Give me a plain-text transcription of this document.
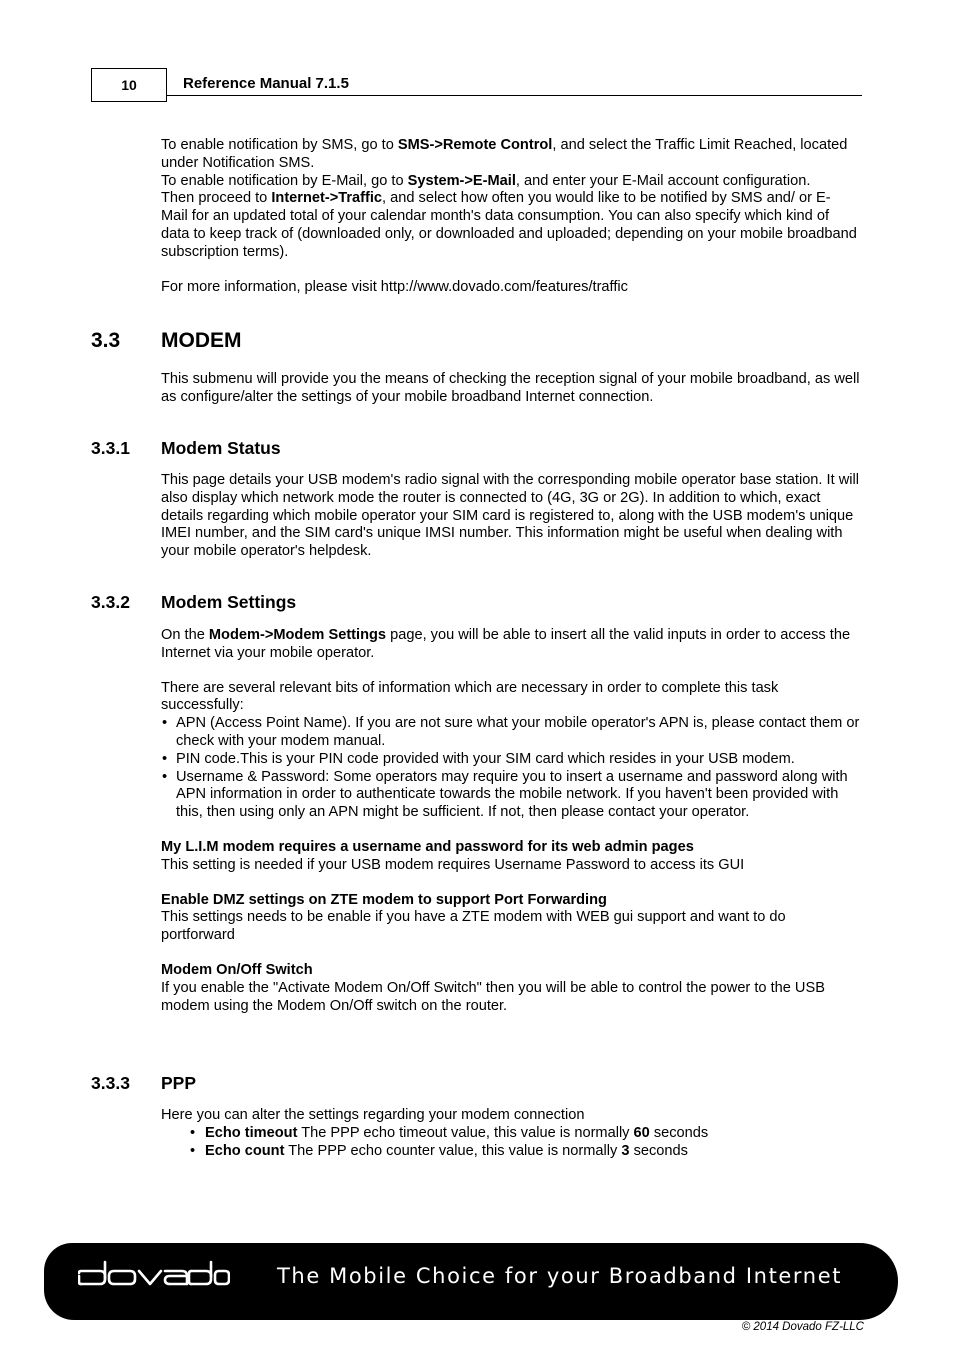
10	Reference Manual 7.1.5

To enable notification by SMS, go to SMS->Remote Control, and select the Traffic Limit Reached, located under Notification SMS.

To enable notification by E-Mail, go to System->E-Mail, and enter your E-Mail account configuration.

Then proceed to Internet->Traffic, and select how often you would like to be notified by SMS and/ or E- Mail for an updated total of your calendar month's data consumption. You can also specify which kind of data to keep track of (downloaded only, or downloaded and uploaded; depending on your mobile broadband subscription terms).

For more information, please visit http://www.dovado.com/features/traffic

3.3 MODEM

This submenu will provide you the means of checking the reception signal of your mobile broadband, as well as configure/alter the settings of your mobile broadband Internet connection.

3.3.1 Modem Status

This page details your USB modem's radio signal with the corresponding mobile operator base station. It will also display which network mode the router is connected to (4G, 3G or 2G). In addition to which, exact details regarding which mobile operator your SIM card is registered to, along with the USB modem's unique IMEI number, and the SIM card's unique IMSI number. This information might be useful when dealing with your mobile operator's helpdesk.

3.3.2 Modem Settings

On the Modem->Modem Settings page, you will be able to insert all the valid inputs in order to access the Internet via your mobile operator.

There are several relevant bits of information which are necessary in order to complete this task successfully:

• APN (Access Point Name). If you are not sure what your mobile operator's APN is, please contact them or check with your modem manual.
• PIN code.This is your PIN code provided with your SIM card which resides in your USB modem.
• Username & Password: Some operators may require you to insert a username and password along with APN information in order to authenticate towards the mobile network. If you haven't been provided with this, then using only an APN might be sufficient. If not, then please contact your operator.

My L.I.M modem requires a username and password for its web admin pages

This setting is needed if your USB modem requires Username Password to access its GUI

Enable DMZ settings on ZTE modem to support Port Forwarding

This settings needs to be enable if you have a ZTE modem with WEB gui support and want to do portforward

Modem On/Off Switch

If you enable the "Activate Modem On/Off Switch" then you will be able to control the power to the USB modem using the Modem On/Off switch on the router.

3.3.3 PPP

Here you can alter the settings regarding your modem connection

• Echo timeout The PPP echo timeout value, this value is normally 60 seconds
• Echo count The PPP echo counter value, this value is normally 3 seconds
The Mobile Choice for your Broadband Internet
© 2014 Dovado FZ-LLC
